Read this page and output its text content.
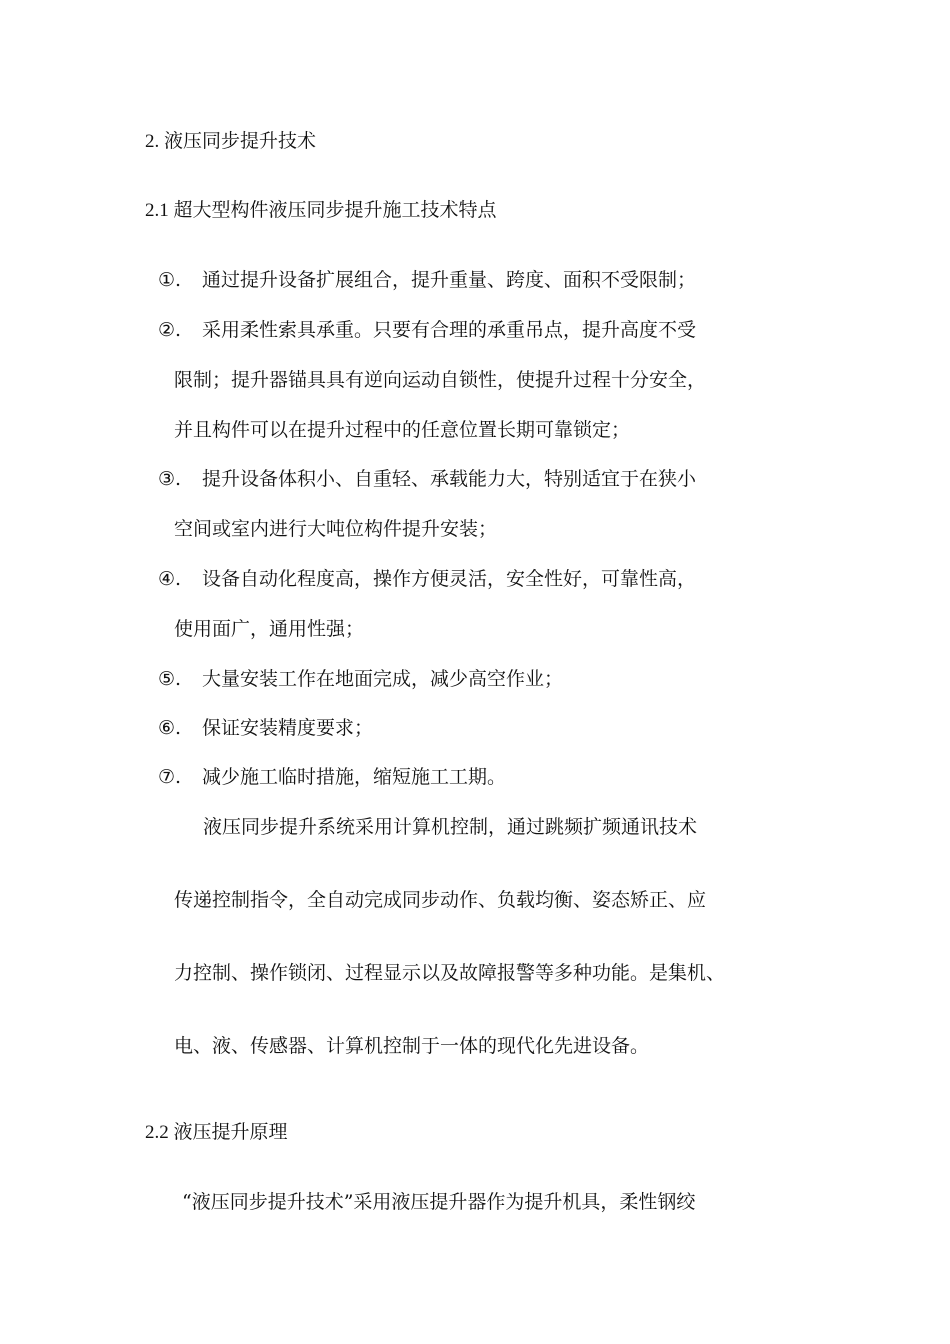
2. 液压同步提升技术
2.1 超大型构件液压同步提升施工技术特点
①. 通过提升设备扩展组合，提升重量、跨度、面积不受限制；
②. 采用柔性索具承重。只要有合理的承重吊点，提升高度不受
限制；提升器锚具具有逆向运动自锁性，使提升过程十分安全，
并且构件可以在提升过程中的任意位置长期可靠锁定；
③. 提升设备体积小、自重轻、承载能力大，特别适宜于在狭小
空间或室内进行大吨位构件提升安装；
④. 设备自动化程度高，操作方便灵活，安全性好，可靠性高，
使用面广，通用性强；
⑤. 大量安装工作在地面完成，减少高空作业；
⑥. 保证安装精度要求；
⑦. 减少施工临时措施，缩短施工工期。
液压同步提升系统采用计算机控制，通过跳频扩频通讯技术
传递控制指令，全自动完成同步动作、负载均衡、姿态矫正、应
力控制、操作锁闭、过程显示以及故障报警等多种功能。是集机、
电、液、传感器、计算机控制于一体的现代化先进设备。
2.2 液压提升原理
“液压同步提升技术”采用液压提升器作为提升机具，柔性钢绞
